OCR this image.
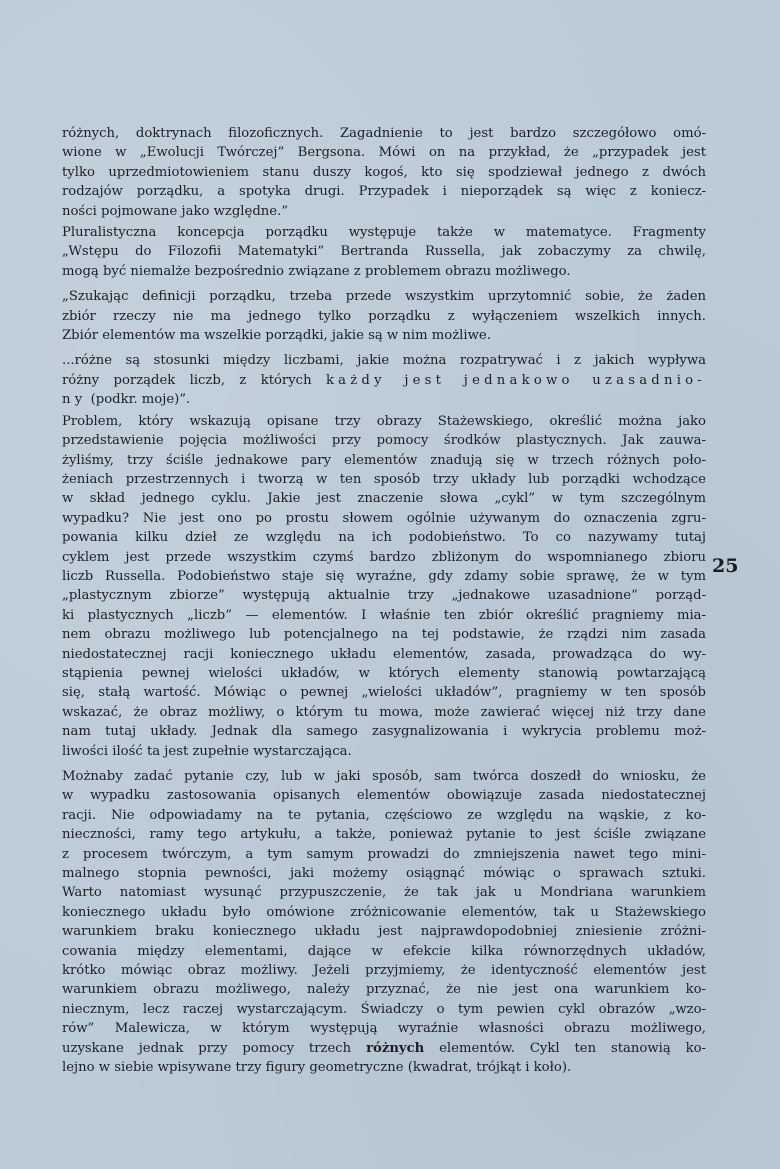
różnych, doktrynach filozoficznych. Zagadnienie to jest bardzo szczegółowo omó-
wione w „Ewolucji Twórczej” Bergsona. Mówi on na przykład, że „przypadek jest
tylko uprzedmiotowieniem stanu duszy kogoś, kto się spodziewał jednego z dwóch
rodzajów porządku, a spotyka drugi. Przypadek i nieporządek są więc z koniecz-
ności pojmowane jako względne.”

Pluralistyczna koncepcja porządku występuje także w matematyce. Fragmenty
„Wstępu do Filozofii Matematyki” Bertranda Russella, jak zobaczymy za chwilę,
mogą być niemalże bezpośrednio związane z problemem obrazu możliwego.

„Szukając definicji porządku, trzeba przede wszystkim uprzytomnić sobie, że żaden
zbiór rzeczy nie ma jednego tylko porządku z wyłączeniem wszelkich innych.
Zbiór elementów ma wszelkie porządki, jakie są w nim możliwe.

...różne są stosunki między liczbami, jakie można rozpatrywać i z jakich wypływa
różny porządek liczb, z których każdy jest jednakowo uzasadnio-
ny (podkr. moje)”.

Problem, który wskazują opisane trzy obrazy Stażewskiego, określić można jako
przedstawienie pojęcia możliwości przy pomocy środków plastycznych. Jak zauwa-
żyliśmy, trzy ściśle jednakowe pary elementów znadują się w trzech różnych poło-
żeniach przestrzennych i tworzą w ten sposób trzy układy lub porządki wchodzące
w skład jednego cyklu. Jakie jest znaczenie słowa „cykl” w tym szczególnym
wypadku? Nie jest ono po prostu słowem ogólnie używanym do oznaczenia zgru-
powania kilku dzieł ze względu na ich podobieństwo. To co nazywamy tutaj
cyklem jest przede wszystkim czymś bardzo zbliżonym do wspomnianego zbioru
liczb Russella. Podobieństwo staje się wyraźne, gdy zdamy sobie sprawę, że w tym
„plastycznym zbiorze” występują aktualnie trzy „jednakowe uzasadnione” porząd-
ki plastycznych „liczb” — elementów. I właśnie ten zbiór określić pragniemy mia-
nem obrazu możliwego lub potencjalnego na tej podstawie, że rządzi nim zasada
niedostatecznej racji koniecznego układu elementów, zasada, prowadząca do wy-
stąpienia pewnej wielości układów, w których elementy stanowią powtarzającą
się, stałą wartość. Mówiąc o pewnej „wielości układów”, pragniemy w ten sposób
wskazać, że obraz możliwy, o którym tu mowa, może zawierać więcej niż trzy dane
nam tutaj układy. Jednak dla samego zasygnalizowania i wykrycia problemu moż-
liwości ilość ta jest zupełnie wystarczająca.

Możnaby zadać pytanie czy, lub w jaki sposób, sam twórca doszedł do wniosku, że
w wypadku zastosowania opisanych elementów obowiązuje zasada niedostatecznej
racji. Nie odpowiadamy na te pytania, częściowo ze względu na wąskie, z ko-
nieczności, ramy tego artykułu, a także, ponieważ pytanie to jest ściśle związane
z procesem twórczym, a tym samym prowadzi do zmniejszenia nawet tego mini-
malnego stopnia pewności, jaki możemy osiągnąć mówiąc o sprawach sztuki.
Warto natomiast wysunąć przypuszczenie, że tak jak u Mondriana warunkiem
koniecznego układu było omówione zróżnicowanie elementów, tak u Stażewskiego
warunkiem braku koniecznego układu jest najprawdopodobniej zniesienie zróżni-
cowania między elementami, dające w efekcie kilka równorzędnych układów,
krótko mówiąc obraz możliwy. Jeżeli przyjmiemy, że identyczność elementów jest
warunkiem obrazu możliwego, należy przyznać, że nie jest ona warunkiem ko-
niecznym, lecz raczej wystarczającym. Świadczy o tym pewien cykl obrazów „wzo-
rów” Malewicza, w którym występują wyraźnie własności obrazu możliwego,
uzyskane jednak przy pomocy trzech różnych elementów. Cykl ten stanowią ko-
lejno w siebie wpisywane trzy figury geometryczne (kwadrat, trójkąt i koło).

25
